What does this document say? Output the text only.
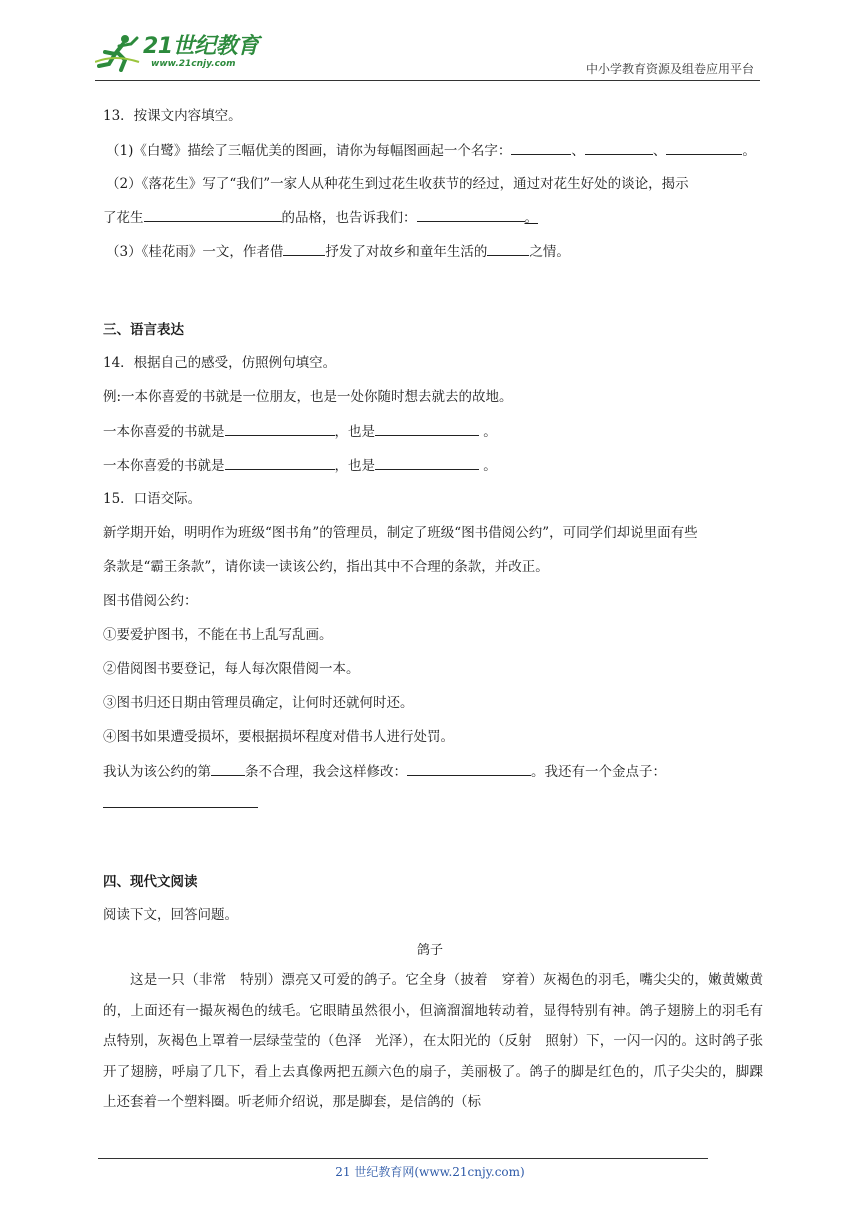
21世纪教育
www.21cnjy.com	中小学教育资源及组卷应用平台
13．按课文内容填空。
（1)《白鹭》描绘了三幅优美的图画，请你为每幅图画起一个名字：	、	、	。
（2）《落花生》写了“我们”一家人从种花生到过花生收获节的经过，通过对花生好处的谈论，揭示
了花生	的品格，也告诉我们：	。
（3）《桂花雨》一文，作者借	抒发了对故乡和童年生活的	之情。
三、语言表达
14．根据自己的感受，仿照例句填空。
例:一本你喜爱的书就是一位朋友，也是一处你随时想去就去的故地。
一本你喜爱的书就是	，也是	。
一本你喜爱的书就是	，也是	。
15．口语交际。
新学期开始，明明作为班级“图书角”的管理员，制定了班级“图书借阅公约”，可同学们却说里面有些
条款是“霸王条款”，请你读一读该公约，指出其中不合理的条款，并改正。
图书借阅公约：
①要爱护图书，不能在书上乱写乱画。
②借阅图书要登记，每人每次限借阅一本。
③图书归还日期由管理员确定，让何时还就何时还。
④图书如果遭受损坏，要根据损坏程度对借书人进行处罚。
我认为该公约的第	条不合理，我会这样修改：	。我还有一个金点子：
四、现代文阅读
阅读下文，回答问题。
鸽子
这是一只（非常　特别）漂亮又可爱的鸽子。它全身（披着　穿着）灰褐色的羽毛，嘴尖尖的，嫩黄嫩黄的，上面还有一撮灰褐色的绒毛。它眼睛虽然很小，但滴溜溜地转动着，显得特别有神。鸽子翅膀上的羽毛有点特别，灰褐色上罩着一层绿莹莹的（色泽　光泽），在太阳光的（反射　照射）下，一闪一闪的。这时鸽子张开了翅膀，呼扇了几下，看上去真像两把五颜六色的扇子，美丽极了。鸽子的脚是红色的，爪子尖尖的，脚踝上还套着一个塑料圈。听老师介绍说，那是脚套，是信鸽的（标
21 世纪教育网(www.21cnjy.com)
